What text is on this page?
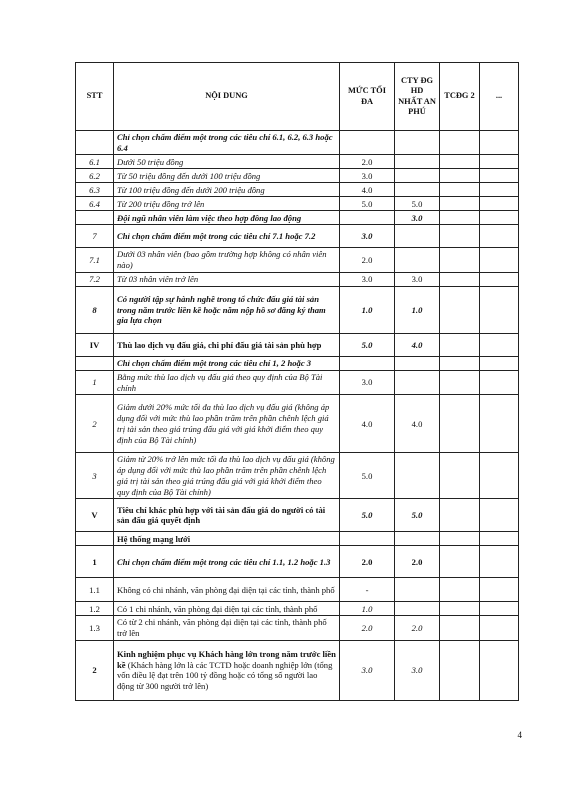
STT	NỘI DUNG	MỨC TỐI ĐA	CTY ĐG HD NHẤT AN PHÚ	TCĐG 2	...
	Chỉ chọn chấm điểm một trong các tiêu chí 6.1, 6.2, 6.3 hoặc 6.4				
6.1	Dưới 50 triệu đồng	2.0			
6.2	Từ 50 triệu đồng đến dưới 100 triệu đồng	3.0			
6.3	Từ 100 triệu đồng đến dưới 200 triệu đồng	4.0			
6.4	Từ 200 triệu đồng trở lên	5.0	5.0		
	Đội ngũ nhân viên làm việc theo hợp đồng lao động		3.0		
7	Chỉ chọn chấm điểm một trong các tiêu chí 7.1 hoặc 7.2	3.0			
7.1	Dưới 03 nhân viên (bao gồm trường hợp không có nhân viên nào)	2.0			
7.2	Từ 03 nhân viên trở lên	3.0	3.0		
8	Có người tập sự hành nghề trong tổ chức đấu giá tài sản trong năm trước liền kề hoặc năm nộp hồ sơ đăng ký tham gia lựa chọn	1.0	1.0		
IV	Thù lao dịch vụ đấu giá, chi phí đấu giá tài sản phù hợp	5.0	4.0		
	Chỉ chọn chấm điểm một trong các tiêu chí 1, 2 hoặc 3				
1	Bằng mức thù lao dịch vụ đấu giá theo quy định của Bộ Tài chính	3.0			
2	Giảm dưới 20% mức tối đa thù lao dịch vụ đấu giá (không áp dụng đối với mức thù lao phần trăm trên phần chênh lệch giá trị tài sản theo giá trúng đấu giá với giá khởi điểm theo quy định của Bộ Tài chính)	4.0	4.0		
3	Giảm từ 20% trở lên mức tối đa thù lao dịch vụ đấu giá (không áp dụng đối với mức thù lao phần trăm trên phần chênh lệch giá trị tài sản theo giá trúng đấu giá với giá khởi điểm theo quy định của Bộ Tài chính)	5.0			
V	Tiêu chí khác phù hợp với tài sản đấu giá do người có tài sản đấu giá quyết định	5.0	5.0		
	Hệ thống mạng lưới				
1	Chỉ chọn chấm điểm một trong các tiêu chí 1.1, 1.2 hoặc 1.3	2.0	2.0		
1.1	Không có chi nhánh, văn phòng đại diện tại các tỉnh, thành phố	-			
1.2	Có 1 chi nhánh, văn phòng đại diện tại các tỉnh, thành phố	1.0			
1.3	Có từ 2 chi nhánh, văn phòng đại diện tại các tỉnh, thành phố trở lên	2.0	2.0		
2	Kinh nghiệm phục vụ Khách hàng lớn trong năm trước liền kề (Khách hàng lớn là các TCTD hoặc doanh nghiệp lớn (tổng vốn điều lệ đạt trên 100 tỷ đồng hoặc có tổng số người lao động từ 300 người trở lên)	3.0	3.0		
4
